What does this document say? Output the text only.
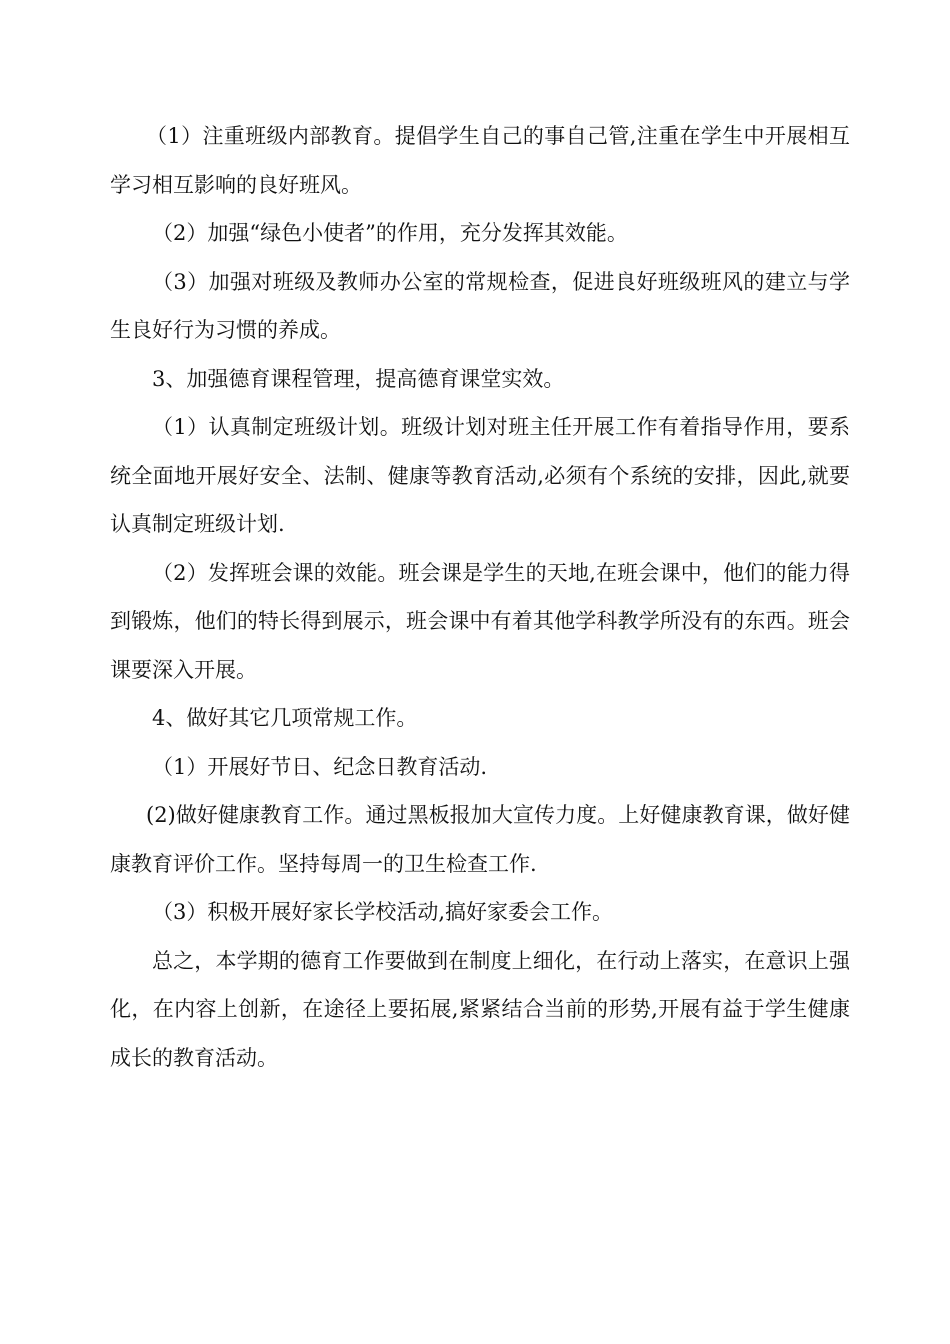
（1）注重班级内部教育。提倡学生自己的事自己管,注重在学生中开展相互学习相互影响的良好班风。

（2）加强“绿色小使者”的作用，充分发挥其效能。

（3）加强对班级及教师办公室的常规检查，促进良好班级班风的建立与学生良好行为习惯的养成。

3、加强德育课程管理，提高德育课堂实效。

（1）认真制定班级计划。班级计划对班主任开展工作有着指导作用，要系统全面地开展好安全、法制、健康等教育活动,必须有个系统的安排，因此,就要认真制定班级计划.

（2）发挥班会课的效能。班会课是学生的天地,在班会课中，他们的能力得到锻炼，他们的特长得到展示，班会课中有着其他学科教学所没有的东西。班会课要深入开展。

4、做好其它几项常规工作。

（1）开展好节日、纪念日教育活动.

(2)做好健康教育工作。通过黑板报加大宣传力度。上好健康教育课，做好健康教育评价工作。坚持每周一的卫生检查工作.

（3）积极开展好家长学校活动,搞好家委会工作。

总之，本学期的德育工作要做到在制度上细化，在行动上落实，在意识上强化，在内容上创新，在途径上要拓展,紧紧结合当前的形势,开展有益于学生健康成长的教育活动。
